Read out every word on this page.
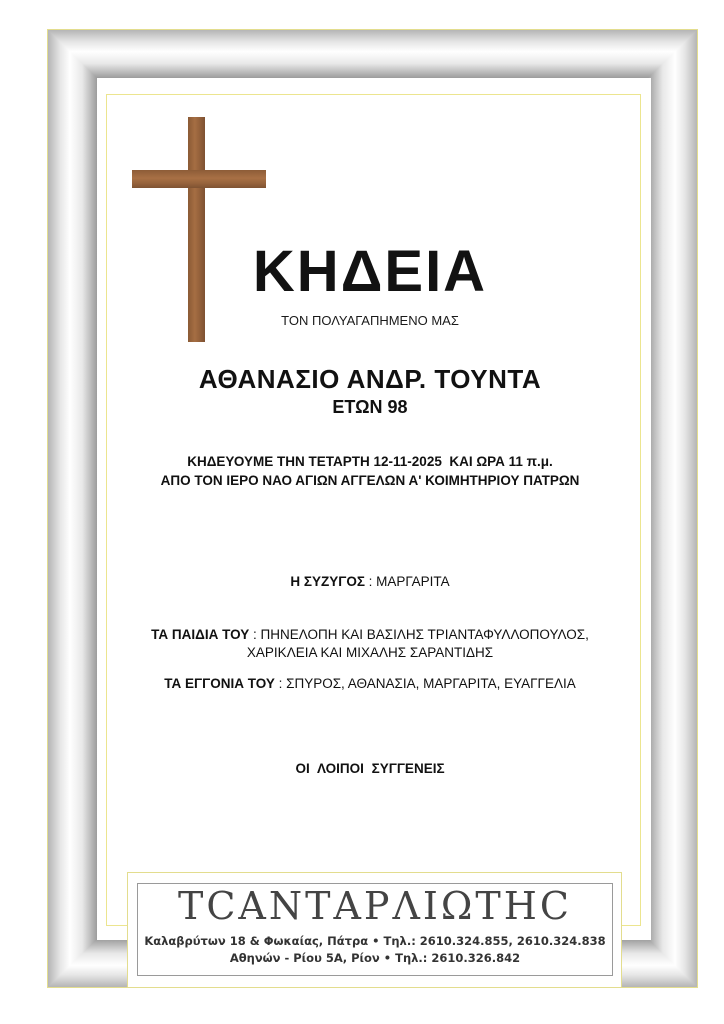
ΚΗΔΕΙΑ
ΤΟΝ ΠΟΛΥΑΓΑΠΗΜΕΝΟ ΜΑΣ
ΑΘΑΝΑΣΙΟ ΑΝΔΡ. ΤΟΥΝΤΑ
ΕΤΩΝ 98
ΚΗΔΕΥΟΥΜΕ ΤΗΝ ΤΕΤΑΡΤΗ 12-11-2025  ΚΑΙ ΩΡΑ 11 π.μ.
ΑΠΟ ΤΟΝ ΙΕΡΟ ΝΑΟ ΑΓΙΩΝ ΑΓΓΕΛΩΝ Α' ΚΟΙΜΗΤΗΡΙΟΥ ΠΑΤΡΩΝ
Η ΣΥΖΥΓΟΣ : ΜΑΡΓΑΡΙΤΑ
ΤΑ ΠΑΙΔΙΑ ΤΟΥ : ΠΗΝΕΛΟΠΗ ΚΑΙ ΒΑΣΙΛΗΣ ΤΡΙΑΝΤΑΦΥΛΛΟΠΟΥΛΟΣ,
ΧΑΡΙΚΛΕΙΑ ΚΑΙ ΜΙΧΑΛΗΣ ΣΑΡΑΝΤΙΔΗΣ
ΤΑ ΕΓΓΟΝΙΑ ΤΟΥ : ΣΠΥΡΟΣ, ΑΘΑΝΑΣΙΑ, ΜΑΡΓΑΡΙΤΑ, ΕΥΑΓΓΕΛΙΑ
ΟΙ ΛΟΙΠΟΙ ΣΥΓΓΕΝΕΙΣ
ΤϹΑΝΤΑΡΛΙΩΤΗϹ
Καλαβρύτων 18 & Φωκαίας, Πάτρα • Τηλ.: 2610.324.855, 2610.324.838
Αθηνών - Ρίου 5Α, Ρίον • Τηλ.: 2610.326.842
